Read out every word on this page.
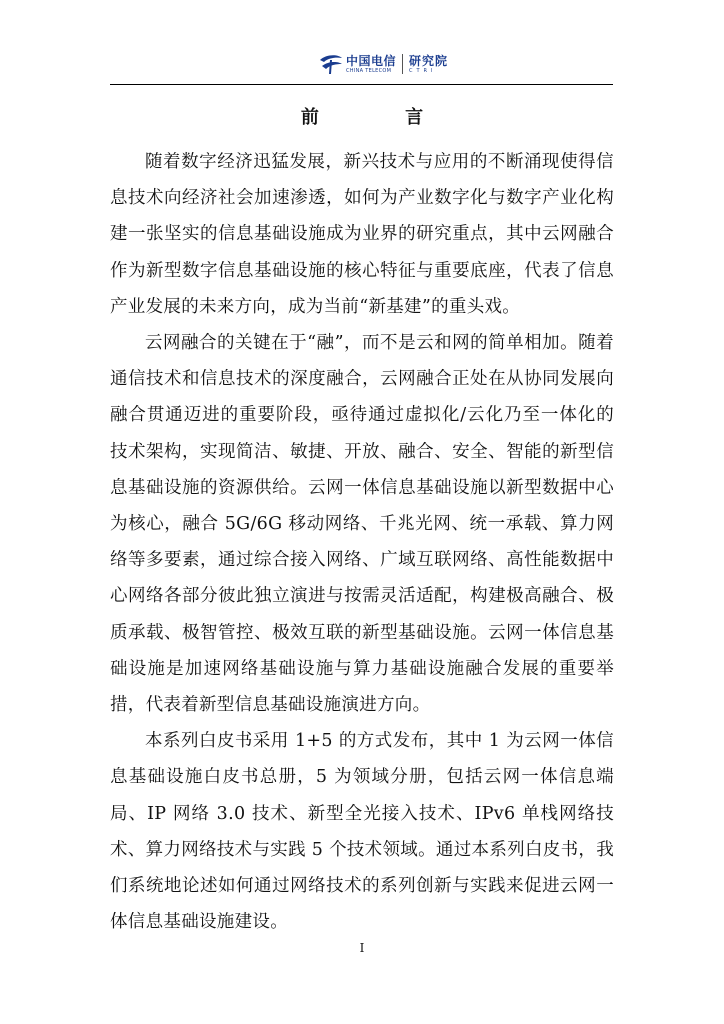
中国电信
CHINA TELECOM
研究院
CTRI
前 言

随着数字经济迅猛发展，新兴技术与应用的不断涌现使得信息技术向经济社会加速渗透，如何为产业数字化与数字产业化构建一张坚实的信息基础设施成为业界的研究重点，其中云网融合作为新型数字信息基础设施的核心特征与重要底座，代表了信息产业发展的未来方向，成为当前“新基建”的重头戏。

云网融合的关键在于“融”，而不是云和网的简单相加。随着通信技术和信息技术的深度融合，云网融合正处在从协同发展向融合贯通迈进的重要阶段，亟待通过虚拟化/云化乃至一体化的技术架构，实现简洁、敏捷、开放、融合、安全、智能的新型信息基础设施的资源供给。云网一体信息基础设施以新型数据中心为核心，融合 5G/6G 移动网络、千兆光网、统一承载、算力网络等多要素，通过综合接入网络、广域互联网络、高性能数据中心网络各部分彼此独立演进与按需灵活适配，构建极高融合、极质承载、极智管控、极效互联的新型基础设施。云网一体信息基础设施是加速网络基础设施与算力基础设施融合发展的重要举措，代表着新型信息基础设施演进方向。

本系列白皮书采用 1+5 的方式发布，其中 1 为云网一体信息基础设施白皮书总册，5 为领域分册，包括云网一体信息端局、IP 网络 3.0 技术、新型全光接入技术、IPv6 单栈网络技术、算力网络技术与实践 5 个技术领域。通过本系列白皮书，我们系统地论述如何通过网络技术的系列创新与实践来促进云网一体信息基础设施建设。

I
